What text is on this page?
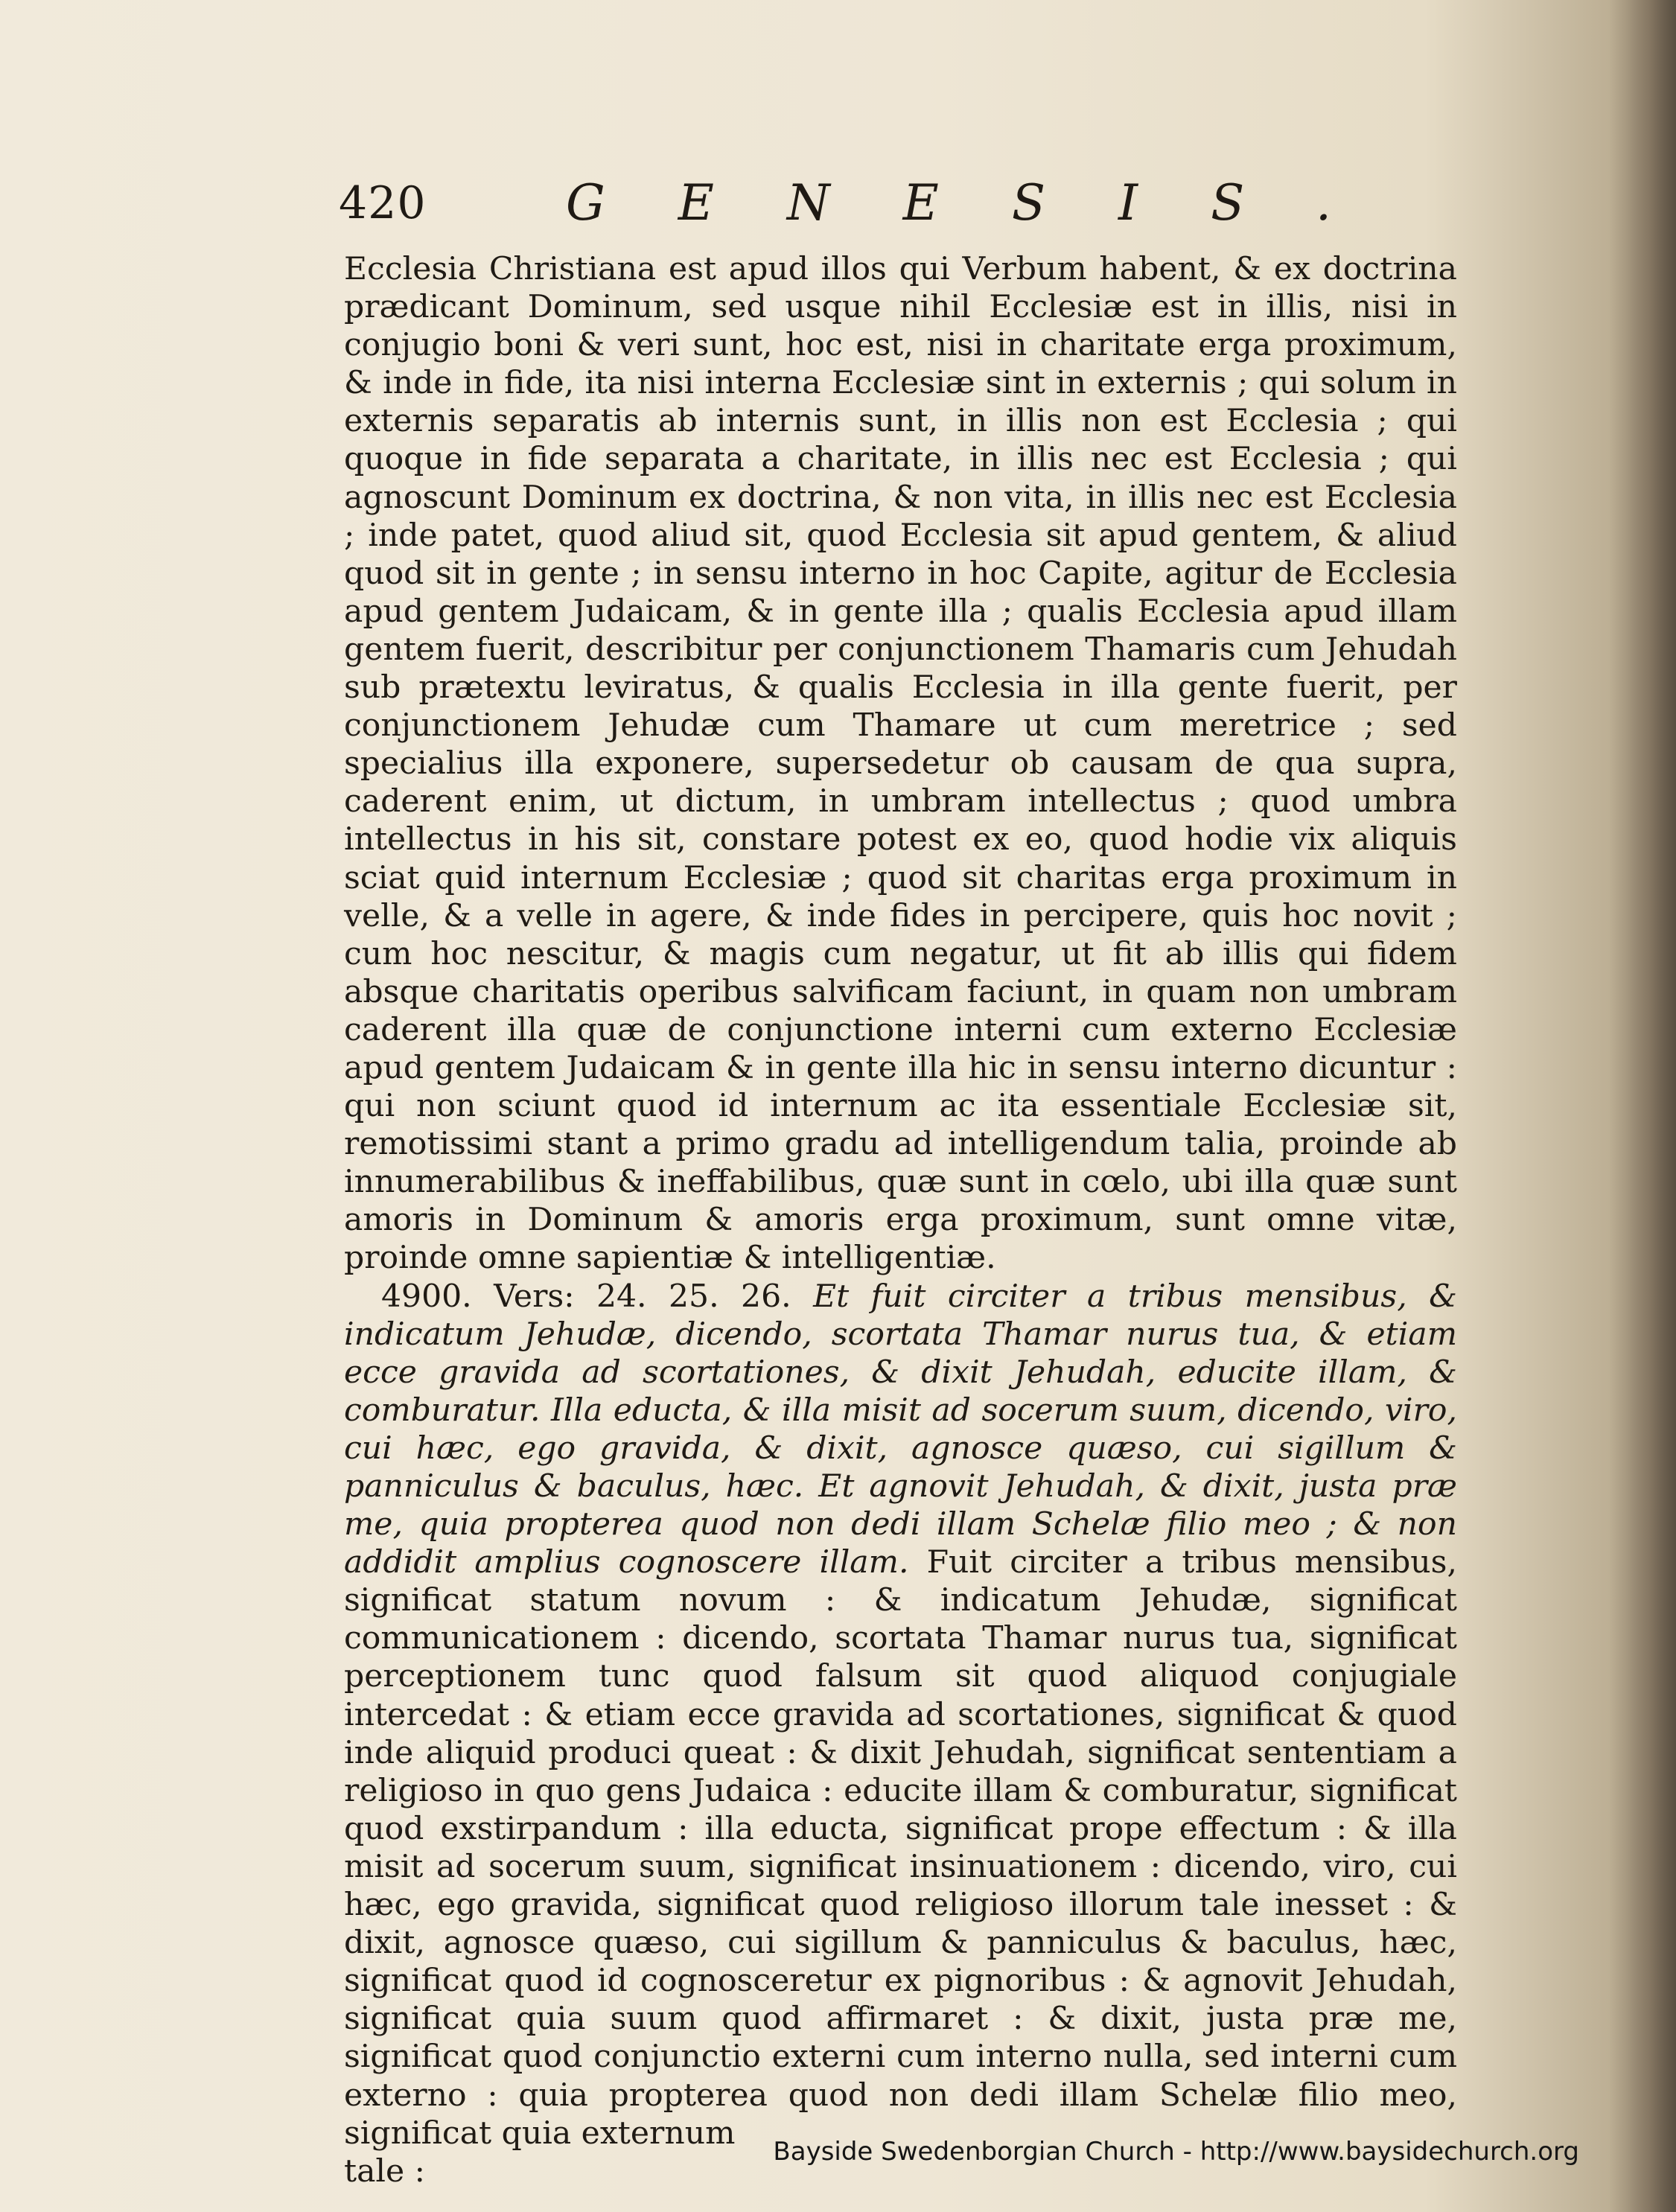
420	GENESIS.

Ecclesia Christiana est apud illos qui Verbum habent, & ex doctrina prædicant Dominum, sed usque nihil Ecclesiæ est in illis, nisi in conjugio boni & veri sunt, hoc est, nisi in charitate erga proximum, & inde in fide, ita nisi interna Ecclesiæ sint in externis ; qui solum in externis separatis ab internis sunt, in illis non est Ecclesia ; qui quoque in fide separata a charitate, in illis nec est Ecclesia ; qui agnoscunt Dominum ex doctrina, & non vita, in illis nec est Ecclesia ; inde patet, quod aliud sit, quod Ecclesia sit apud gentem, & aliud quod sit in gente ; in sensu interno in hoc Capite, agitur de Ecclesia apud gentem Judaicam, & in gente illa ; qualis Ecclesia apud illam gentem fuerit, describitur per conjunctionem Thamaris cum Jehudah sub prætextu leviratus, & qualis Ecclesia in illa gente fuerit, per conjunctionem Jehudæ cum Thamare ut cum meretrice ; sed specialius illa exponere, supersedetur ob causam de qua supra, caderent enim, ut dictum, in umbram intellectus ; quod umbra intellectus in his sit, constare potest ex eo, quod hodie vix aliquis sciat quid internum Ecclesiæ ; quod sit charitas erga proximum in velle, & a velle in agere, & inde fides in percipere, quis hoc novit ; cum hoc nescitur, & magis cum negatur, ut fit ab illis qui fidem absque charitatis operibus salvificam faciunt, in quam non umbram caderent illa quæ de conjunctione interni cum externo Ecclesiæ apud gentem Judaicam & in gente illa hic in sensu interno dicuntur : qui non sciunt quod id internum ac ita essentiale Ecclesiæ sit, remotissimi stant a primo gradu ad intelligendum talia, proinde ab innumerabilibus & ineffabilibus, quæ sunt in cœlo, ubi illa quæ sunt amoris in Dominum & amoris erga proximum, sunt omne vitæ, proinde omne sapientiæ & intelligentiæ.

4900. Vers: 24. 25. 26. Et fuit circiter a tribus mensibus, & indicatum Jehudæ, dicendo, scortata Thamar nurus tua, & etiam ecce gravida ad scortationes, & dixit Jehudah, educite illam, & comburatur. Illa educta, & illa misit ad socerum suum, dicendo, viro, cui hæc, ego gravida, & dixit, agnosce quæso, cui sigillum & panniculus & baculus, hæc. Et agnovit Jehudah, & dixit, justa præ me, quia propterea quod non dedi illam Schelæ filio meo ; & non addidit amplius cognoscere illam. Fuit circiter a tribus mensibus, significat statum novum : & indicatum Jehudæ, significat communicationem : dicendo, scortata Thamar nurus tua, significat perceptionem tunc quod falsum sit quod aliquod conjugiale intercedat : & etiam ecce gravida ad scortationes, significat & quod inde aliquid produci queat : & dixit Jehudah, significat sententiam a religioso in quo gens Judaica : educite illam & comburatur, significat quod exstirpandum : illa educta, significat prope effectum : & illa misit ad socerum suum, significat insinuationem : dicendo, viro, cui hæc, ego gravida, significat quod religioso illorum tale inesset : & dixit, agnosce quæso, cui sigillum & panniculus & baculus, hæc, significat quod id cognosceretur ex pignoribus : & agnovit Jehudah, significat quia suum quod affirmaret : & dixit, justa præ me, significat quod conjunctio externi cum interno nulla, sed interni cum externo : quia propterea quod non dedi illam Schelæ filio meo, significat quia externum

tale :

Bayside Swedenborgian Church - http://www.baysidechurch.org
